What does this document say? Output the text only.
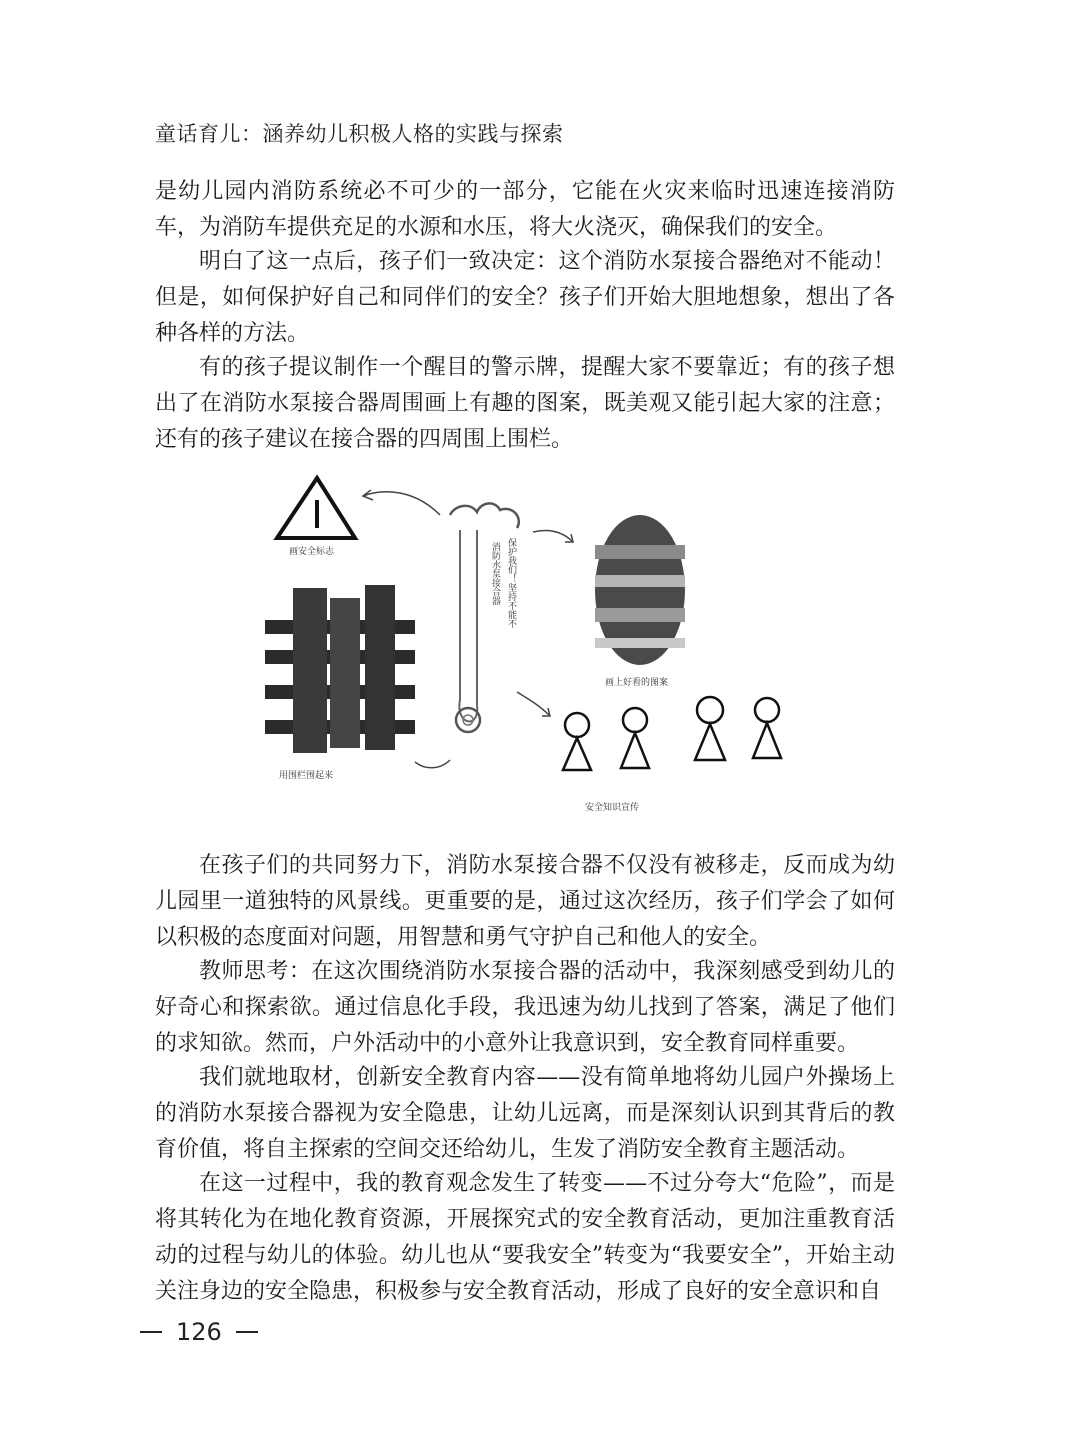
童话育儿：涵养幼儿积极人格的实践与探索

是幼儿园内消防系统必不可少的一部分，它能在火灾来临时迅速连接消防车，为消防车提供充足的水源和水压，将大火浇灭，确保我们的安全。

明白了这一点后，孩子们一致决定：这个消防水泵接合器绝对不能动！但是，如何保护好自己和同伴们的安全？孩子们开始大胆地想象，想出了各种各样的方法。

有的孩子提议制作一个醒目的警示牌，提醒大家不要靠近；有的孩子想出了在消防水泵接合器周围画上有趣的图案，既美观又能引起大家的注意；还有的孩子建议在接合器的四周围上围栏。

画安全标志
用围栏围起来
消防水泵接合器 保护我们！坚持不能不
画上好看的图案
安全知识宣传

在孩子们的共同努力下，消防水泵接合器不仅没有被移走，反而成为幼儿园里一道独特的风景线。更重要的是，通过这次经历，孩子们学会了如何以积极的态度面对问题，用智慧和勇气守护自己和他人的安全。

教师思考：在这次围绕消防水泵接合器的活动中，我深刻感受到幼儿的好奇心和探索欲。通过信息化手段，我迅速为幼儿找到了答案，满足了他们的求知欲。然而，户外活动中的小意外让我意识到，安全教育同样重要。

我们就地取材，创新安全教育内容——没有简单地将幼儿园户外操场上的消防水泵接合器视为安全隐患，让幼儿远离，而是深刻认识到其背后的教育价值，将自主探索的空间交还给幼儿，生发了消防安全教育主题活动。

在这一过程中，我的教育观念发生了转变——不过分夸大“危险”，而是将其转化为在地化教育资源，开展探究式的安全教育活动，更加注重教育活动的过程与幼儿的体验。幼儿也从“要我安全”转变为“我要安全”，开始主动关注身边的安全隐患，积极参与安全教育活动，形成了良好的安全意识和自

126
